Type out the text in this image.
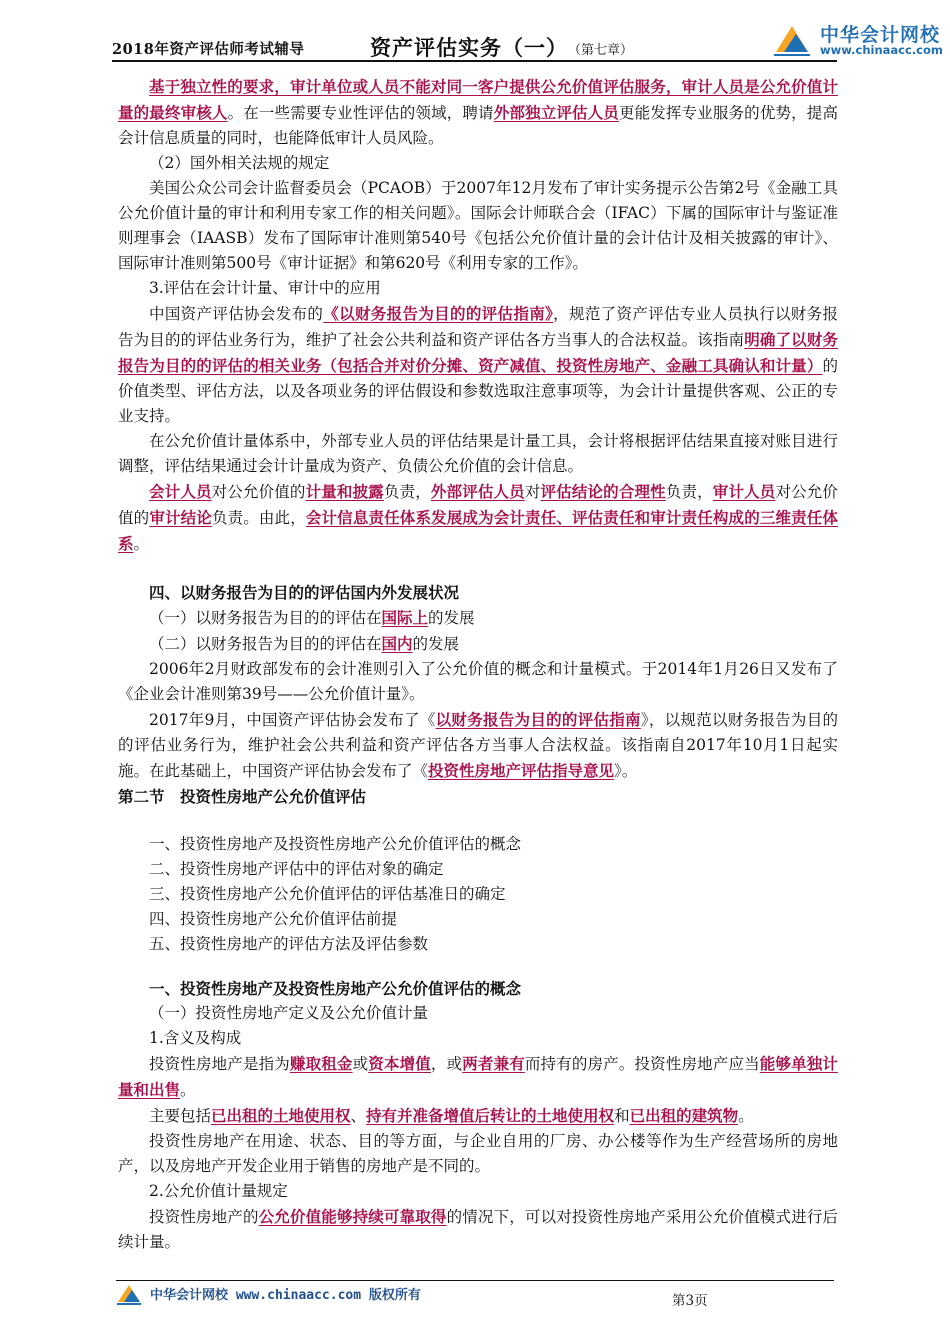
2018年资产评估师考试辅导	资产评估实务（一） （第七章）
中华会计网校
www.chinaacc.com

基于独立性的要求，审计单位或人员不能对同一客户提供公允价值评估服务，审计人员是公允价值计量的最终审核人。在一些需要专业性评估的领域，聘请外部独立评估人员更能发挥专业服务的优势，提高会计信息质量的同时，也能降低审计人员风险。

（2）国外相关法规的规定

美国公众公司会计监督委员会（PCAOB）于2007年12月发布了审计实务提示公告第2号《金融工具公允价值计量的审计和利用专家工作的相关问题》。国际会计师联合会（IFAC）下属的国际审计与鉴证准则理事会（IAASB）发布了国际审计准则第540号《包括公允价值计量的会计估计及相关披露的审计》、国际审计准则第500号《审计证据》和第620号《利用专家的工作》。

3.评估在会计计量、审计中的应用

中国资产评估协会发布的《以财务报告为目的的评估指南》，规范了资产评估专业人员执行以财务报告为目的的评估业务行为，维护了社会公共利益和资产评估各方当事人的合法权益。该指南明确了以财务报告为目的的评估的相关业务（包括合并对价分摊、资产减值、投资性房地产、金融工具确认和计量）的价值类型、评估方法，以及各项业务的评估假设和参数选取注意事项等，为会计计量提供客观、公正的专业支持。

在公允价值计量体系中，外部专业人员的评估结果是计量工具，会计将根据评估结果直接对账目进行调整，评估结果通过会计计量成为资产、负债公允价值的会计信息。

会计人员对公允价值的计量和披露负责，外部评估人员对评估结论的合理性负责，审计人员对公允价值的审计结论负责。由此，会计信息责任体系发展成为会计责任、评估责任和审计责任构成的三维责任体系。

四、以财务报告为目的的评估国内外发展状况

（一）以财务报告为目的的评估在国际上的发展

（二）以财务报告为目的的评估在国内的发展

2006年2月财政部发布的会计准则引入了公允价值的概念和计量模式。于2014年1月26日又发布了《企业会计准则第39号——公允价值计量》。

2017年9月，中国资产评估协会发布了《以财务报告为目的的评估指南》，以规范以财务报告为目的的评估业务行为，维护社会公共利益和资产评估各方当事人合法权益。该指南自2017年10月1日起实施。在此基础上，中国资产评估协会发布了《投资性房地产评估指导意见》。

第二节　投资性房地产公允价值评估

一、投资性房地产及投资性房地产公允价值评估的概念

二、投资性房地产评估中的评估对象的确定

三、投资性房地产公允价值评估的评估基准日的确定

四、投资性房地产公允价值评估前提

五、投资性房地产的评估方法及评估参数

一、投资性房地产及投资性房地产公允价值评估的概念

（一）投资性房地产定义及公允价值计量

1.含义及构成

投资性房地产是指为赚取租金或资本增值，或两者兼有而持有的房产。投资性房地产应当能够单独计量和出售。

主要包括已出租的土地使用权、持有并准备增值后转让的土地使用权和已出租的建筑物。

投资性房地产在用途、状态、目的等方面，与企业自用的厂房、办公楼等作为生产经营场所的房地产，以及房地产开发企业用于销售的房地产是不同的。

2.公允价值计量规定

投资性房地产的公允价值能够持续可靠取得的情况下，可以对投资性房地产采用公允价值模式进行后续计量。

中华会计网校 www.chinaacc.com 版权所有	第3页
